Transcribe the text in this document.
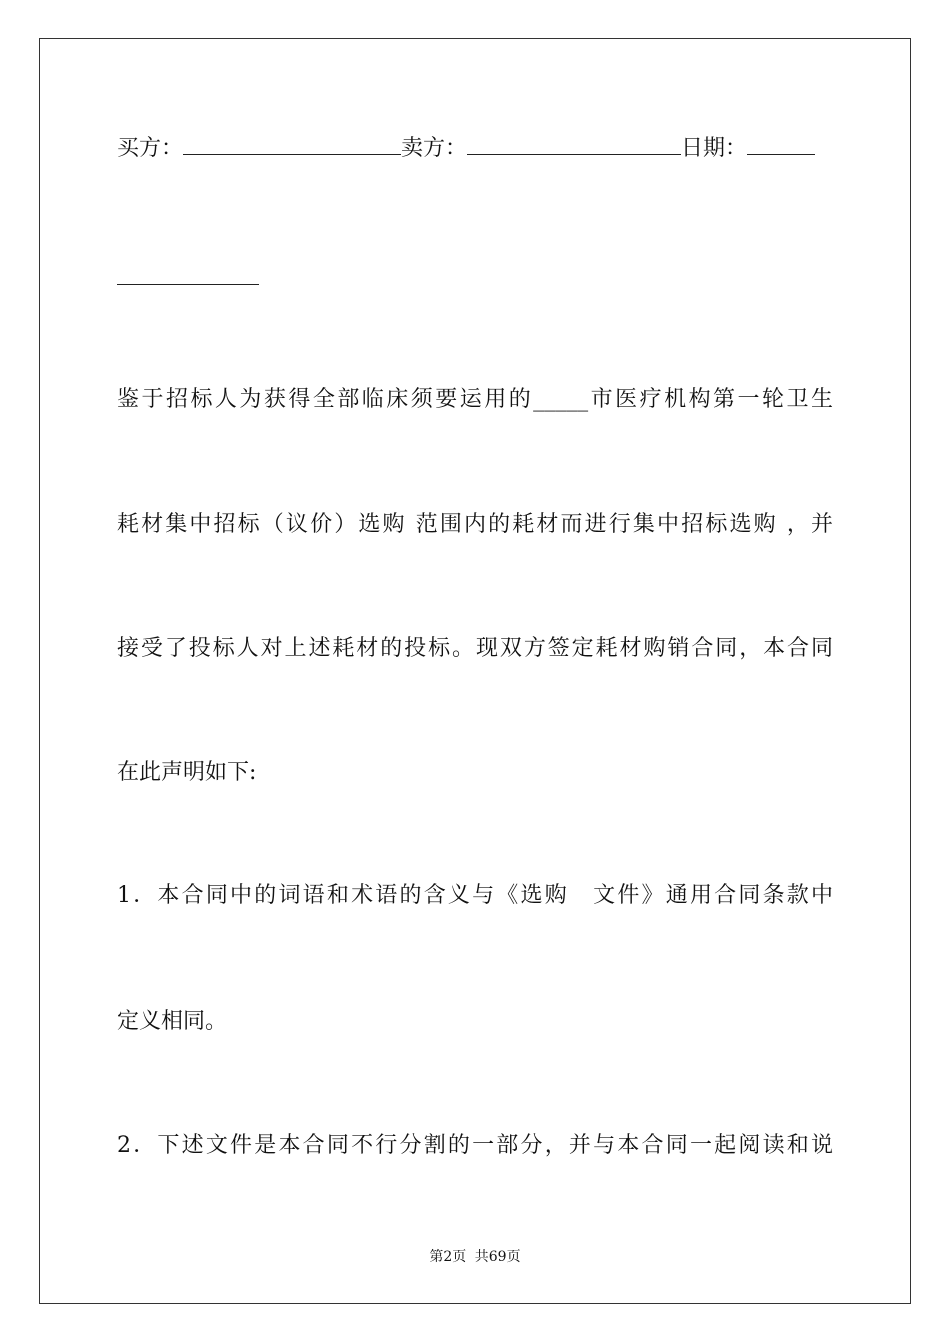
买方：	卖方：	日期：
鉴于招标人为获得全部临床须要运用的_____市医疗机构第一轮卫生
耗材集中招标（议价）选购 范围内的耗材而进行集中招标选购 ，并
接受了投标人对上述耗材的投标。现双方签定耗材购销合同，本合同
在此声明如下:
1．本合同中的词语和术语的含义与《选购　文件》通用合同条款中
定义相同。
2．下述文件是本合同不行分割的一部分，并与本合同一起阅读和说
第2页 共69页
